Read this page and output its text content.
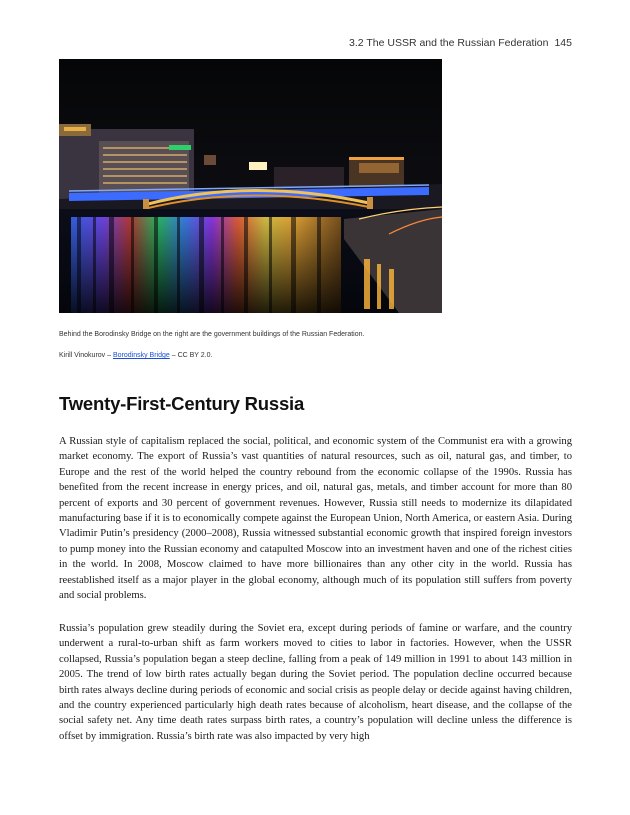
3.2 The USSR and the Russian Federation 145
Behind the Borodinsky Bridge on the right are the government buildings of the Russian Federation.
Kirill Vinokurov – Borodinsky Bridge – CC BY 2.0.
Twenty-First-Century Russia

A Russian style of capitalism replaced the social, political, and economic system of the Communist era with a growing market economy. The export of Russia’s vast quantities of natural resources, such as oil, natural gas, and timber, to Europe and the rest of the world helped the country rebound from the economic collapse of the 1990s. Russia has benefited from the recent increase in energy prices, and oil, natural gas, metals, and timber account for more than 80 percent of exports and 30 percent of government revenues. However, Russia still needs to modernize its dilapidated manufacturing base if it is to economically compete against the European Union, North America, or eastern Asia. During Vladimir Putin’s presidency (2000–2008), Russia witnessed substantial economic growth that inspired foreign investors to pump money into the Russian economy and catapulted Moscow into an investment haven and one of the richest cities in the world. In 2008, Moscow claimed to have more billionaires than any other city in the world. Russia has reestablished itself as a major player in the global economy, although much of its population still suffers from poverty and social problems.

Russia’s population grew steadily during the Soviet era, except during periods of famine or warfare, and the country underwent a rural-to-urban shift as farm workers moved to cities to labor in factories. However, when the USSR collapsed, Russia’s population began a steep decline, falling from a peak of 149 million in 1991 to about 143 million in 2005. The trend of low birth rates actually began during the Soviet period. The population decline occurred because birth rates always decline during periods of economic and social crisis as people delay or decide against having children, and the country experienced particularly high death rates because of alcoholism, heart disease, and the collapse of the social safety net. Any time death rates surpass birth rates, a country’s population will decline unless the difference is offset by immigration. Russia’s birth rate was also impacted by very high
